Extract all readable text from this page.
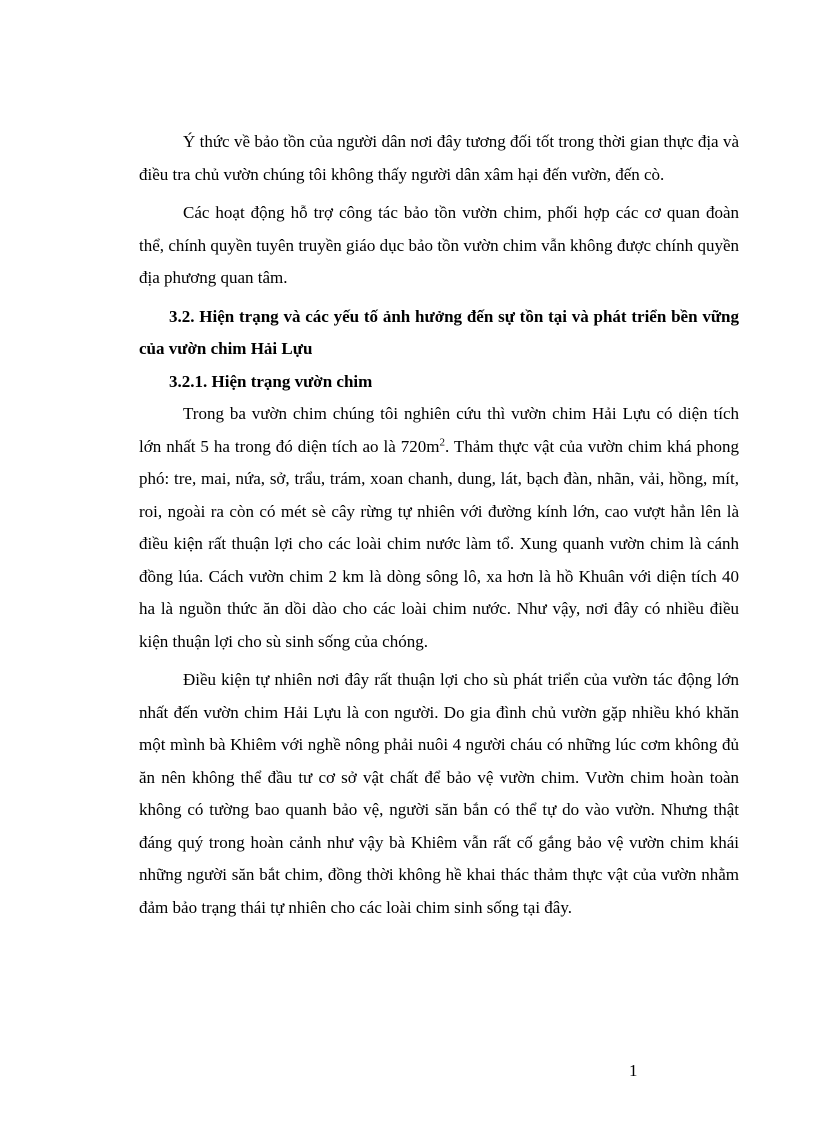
Ý thức về bảo tồn của người dân nơi đây tương đối tốt trong thời gian thực địa và điều tra chủ vườn chúng tôi không thấy người dân xâm hại đến vườn, đến cò.

Các hoạt động hỗ trợ công tác bảo tồn vườn chim, phối hợp các cơ quan đoàn thể, chính quyền tuyên truyền giáo dục bảo tồn vườn chim vẫn không được chính quyền địa phương quan tâm.

3.2. Hiện trạng và các yếu tố ảnh hưởng đến sự tồn tại và phát triển bền vững của vườn chim Hải Lựu

3.2.1. Hiện trạng vườn chim

Trong ba vườn chim chúng tôi nghiên cứu thì vườn chim Hải Lựu có diện tích lớn nhất 5 ha trong đó diện tích ao là $720m^2$. Thảm thực vật của vườn chim khá phong phó: tre, mai, nứa, sở, trẩu, trám, xoan chanh, dung, lát, bạch đàn, nhãn, vải, hồng, mít, roi, ngoài ra còn có mét sè cây rừng tự nhiên với đường kính lớn, cao vượt hẳn lên là điều kiện rất thuận lợi cho các loài chim nước làm tổ. Xung quanh vườn chim là cánh đồng lúa. Cách vườn chim 2 km là dòng sông lô, xa hơn là hồ Khuân với diện tích 40 ha là nguồn thức ăn dồi dào cho các loài chim nước. Như vậy, nơi đây có nhiều điều kiện thuận lợi cho sù sinh sống của chóng.

Điều kiện tự nhiên nơi đây rất thuận lợi cho sù phát triển của vườn tác động lớn nhất đến vườn chim Hải Lựu là con người. Do gia đình chủ vườn gặp nhiều khó khăn một mình bà Khiêm với nghề nông phải nuôi 4 người cháu có những lúc cơm không đủ ăn nên không thể đầu tư cơ sở vật chất để bảo vệ vườn chim. Vườn chim hoàn toàn không có tường bao quanh bảo vệ, người săn bắn có thể tự do vào vườn. Nhưng thật đáng quý trong hoàn cảnh như vậy bà Khiêm vẫn rất cố gắng bảo vệ vườn chim khái những người săn bắt chim, đồng thời không hề khai thác thảm thực vật của vườn nhằm đảm bảo trạng thái tự nhiên cho các loài chim sinh sống tại đây.

1
